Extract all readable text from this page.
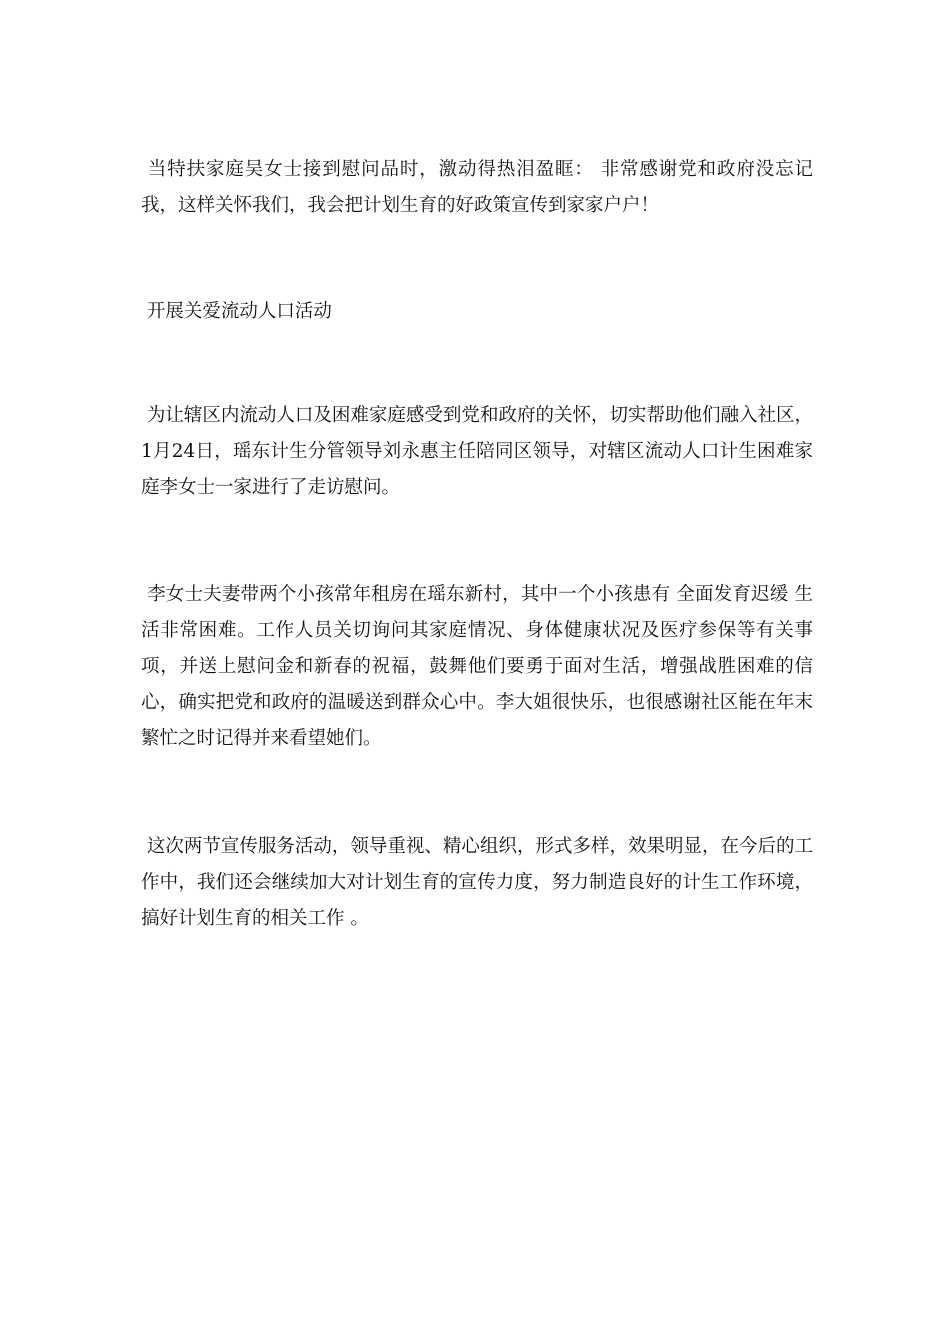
当特扶家庭吴女士接到慰问品时，激动得热泪盈眶： 非常感谢党和政府没忘记我，这样关怀我们，我会把计划生育的好政策宣传到家家户户！

开展关爱流动人口活动

为让辖区内流动人口及困难家庭感受到党和政府的关怀，切实帮助他们融入社区， 1月24日，瑶东计生分管领导刘永惠主任陪同区领导，对辖区流动人口计生困难家庭李女士一家进行了走访慰问。

李女士夫妻带两个小孩常年租房在瑶东新村，其中一个小孩患有 全面发育迟缓 生活非常困难。工作人员关切询问其家庭情况、身体健康状况及医疗参保等有关事项，并送上慰问金和新春的祝福，鼓舞他们要勇于面对生活，增强战胜困难的信心，确实把党和政府的温暖送到群众心中。李大姐很快乐，也很感谢社区能在年末繁忙之时记得并来看望她们。

这次两节宣传服务活动，领导重视、精心组织，形式多样，效果明显，在今后的工作中，我们还会继续加大对计划生育的宣传力度，努力制造良好的计生工作环境，搞好计划生育的相关工作 。
